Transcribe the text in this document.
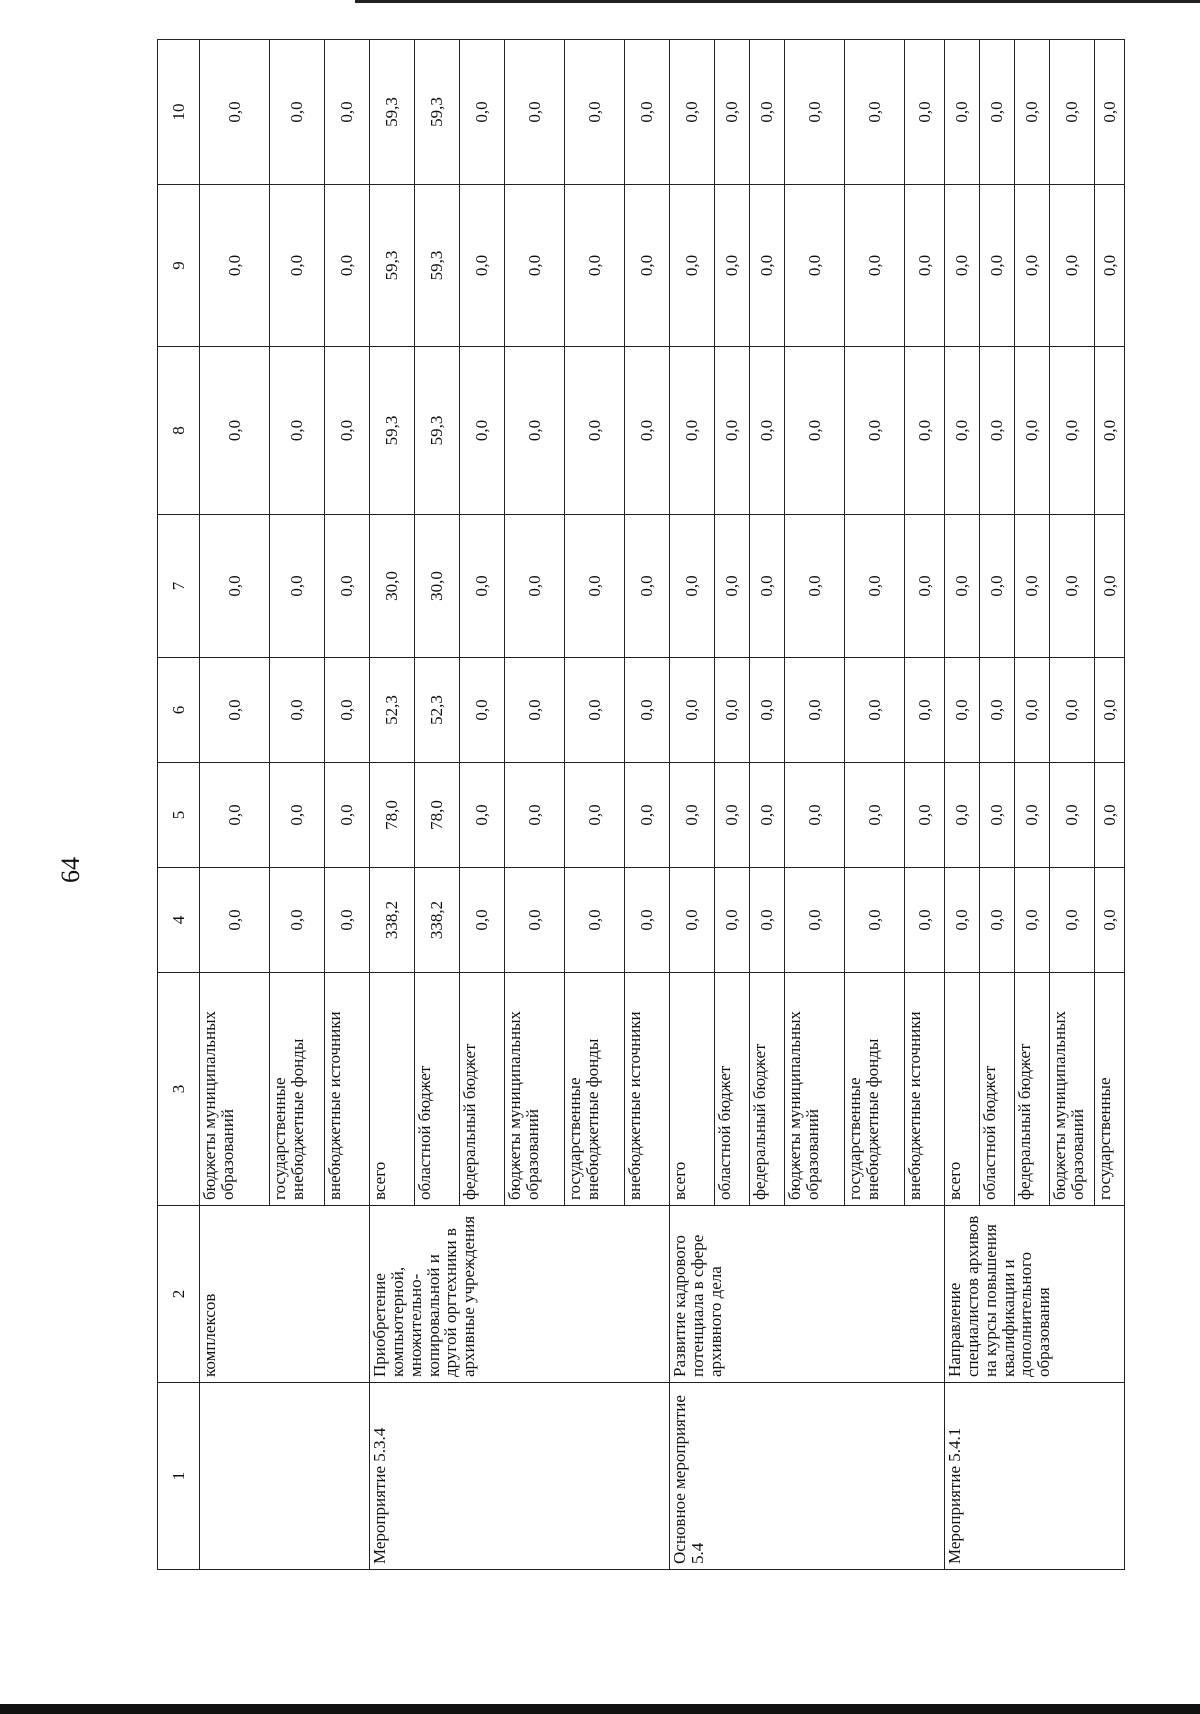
64
1	2	3	4	5	6	7	8	9	10
	комплексов	бюджеты муниципальных образований	0,0	0,0	0,0	0,0	0,0	0,0	0,0
		государственные внебюджетные фонды	0,0	0,0	0,0	0,0	0,0	0,0	0,0
		внебюджетные источники	0,0	0,0	0,0	0,0	0,0	0,0	0,0
Мероприятие 5.3.4	Приобретение компьютерной, множительно-копировальной и другой оргтехники в архивные учреждения	всего	338,2	78,0	52,3	30,0	59,3	59,3	59,3
		областной бюджет	338,2	78,0	52,3	30,0	59,3	59,3	59,3
		федеральный бюджет	0,0	0,0	0,0	0,0	0,0	0,0	0,0
		бюджеты муниципальных образований	0,0	0,0	0,0	0,0	0,0	0,0	0,0
		государственные внебюджетные фонды	0,0	0,0	0,0	0,0	0,0	0,0	0,0
		внебюджетные источники	0,0	0,0	0,0	0,0	0,0	0,0	0,0
Основное мероприятие 5.4	Развитие кадрового потенциала в сфере архивного дела	всего	0,0	0,0	0,0	0,0	0,0	0,0	0,0
		областной бюджет	0,0	0,0	0,0	0,0	0,0	0,0	0,0
		федеральный бюджет	0,0	0,0	0,0	0,0	0,0	0,0	0,0
		бюджеты муниципальных образований	0,0	0,0	0,0	0,0	0,0	0,0	0,0
		государственные внебюджетные фонды	0,0	0,0	0,0	0,0	0,0	0,0	0,0
		внебюджетные источники	0,0	0,0	0,0	0,0	0,0	0,0	0,0
Мероприятие 5.4.1	Направление специалистов архивов на курсы повышения квалификации и дополнительного образования	всего	0,0	0,0	0,0	0,0	0,0	0,0	0,0
		областной бюджет	0,0	0,0	0,0	0,0	0,0	0,0	0,0
		федеральный бюджет	0,0	0,0	0,0	0,0	0,0	0,0	0,0
		бюджеты муниципальных образований	0,0	0,0	0,0	0,0	0,0	0,0	0,0
		государственные	0,0	0,0	0,0	0,0	0,0	0,0	0,0
